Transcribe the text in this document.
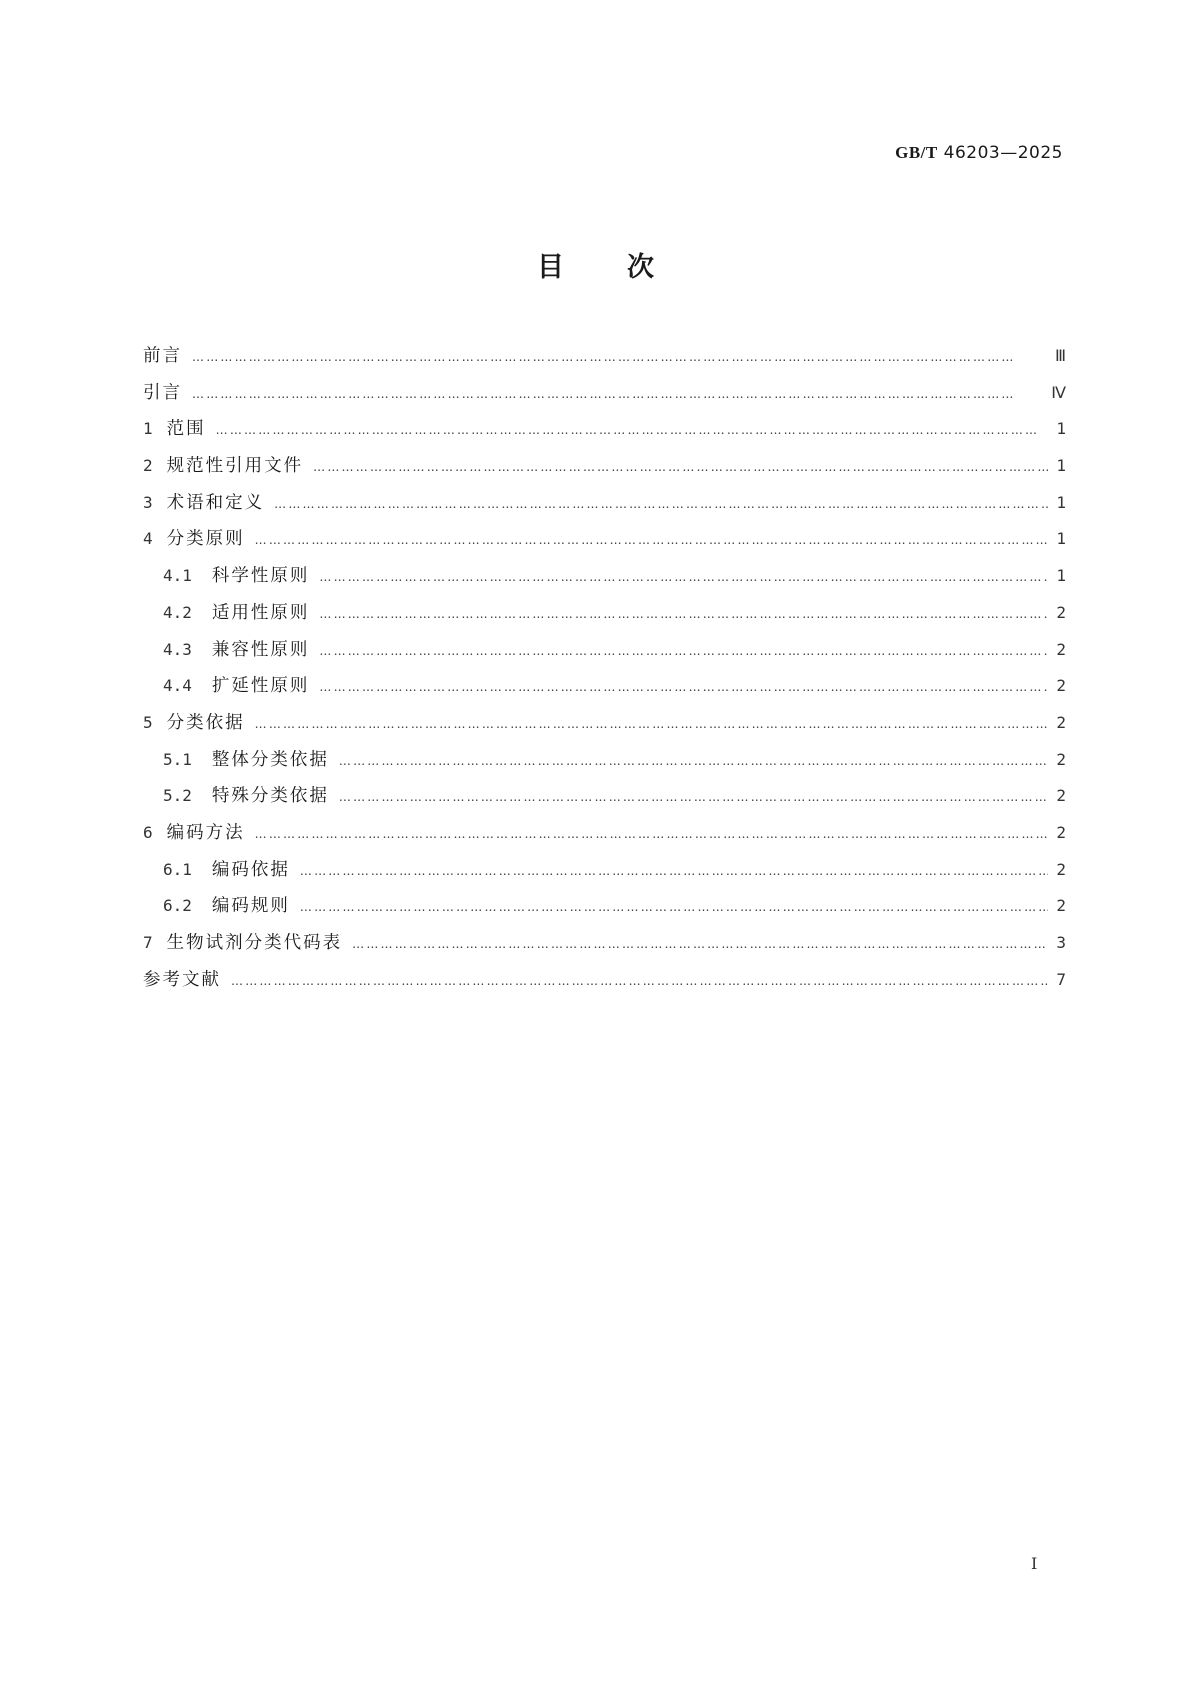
GB/T 46203—2025
目 次
前言 …………………………………………………………………………………………………………………………………………………………	Ⅲ
引言 …………………………………………………………………………………………………………………………………………………………	Ⅳ
1 范围 …………………………………………………………………………………………………………………………………………………………	1
2 规范性引用文件 …………………………………………………………………………………………………………………………………………………………	1
3 术语和定义 …………………………………………………………………………………………………………………………………………………………	1
4 分类原则 …………………………………………………………………………………………………………………………………………………………	1
4.1 科学性原则 …………………………………………………………………………………………………………………………………………………………	1
4.2 适用性原则 …………………………………………………………………………………………………………………………………………………………	2
4.3 兼容性原则 …………………………………………………………………………………………………………………………………………………………	2
4.4 扩延性原则 …………………………………………………………………………………………………………………………………………………………	2
5 分类依据 …………………………………………………………………………………………………………………………………………………………	2
5.1 整体分类依据 …………………………………………………………………………………………………………………………………………………………	2
5.2 特殊分类依据 …………………………………………………………………………………………………………………………………………………………	2
6 编码方法 …………………………………………………………………………………………………………………………………………………………	2
6.1 编码依据 …………………………………………………………………………………………………………………………………………………………	2
6.2 编码规则 …………………………………………………………………………………………………………………………………………………………	2
7 生物试剂分类代码表 …………………………………………………………………………………………………………………………………………………………	3
参考文献 …………………………………………………………………………………………………………………………………………………………	7
I
